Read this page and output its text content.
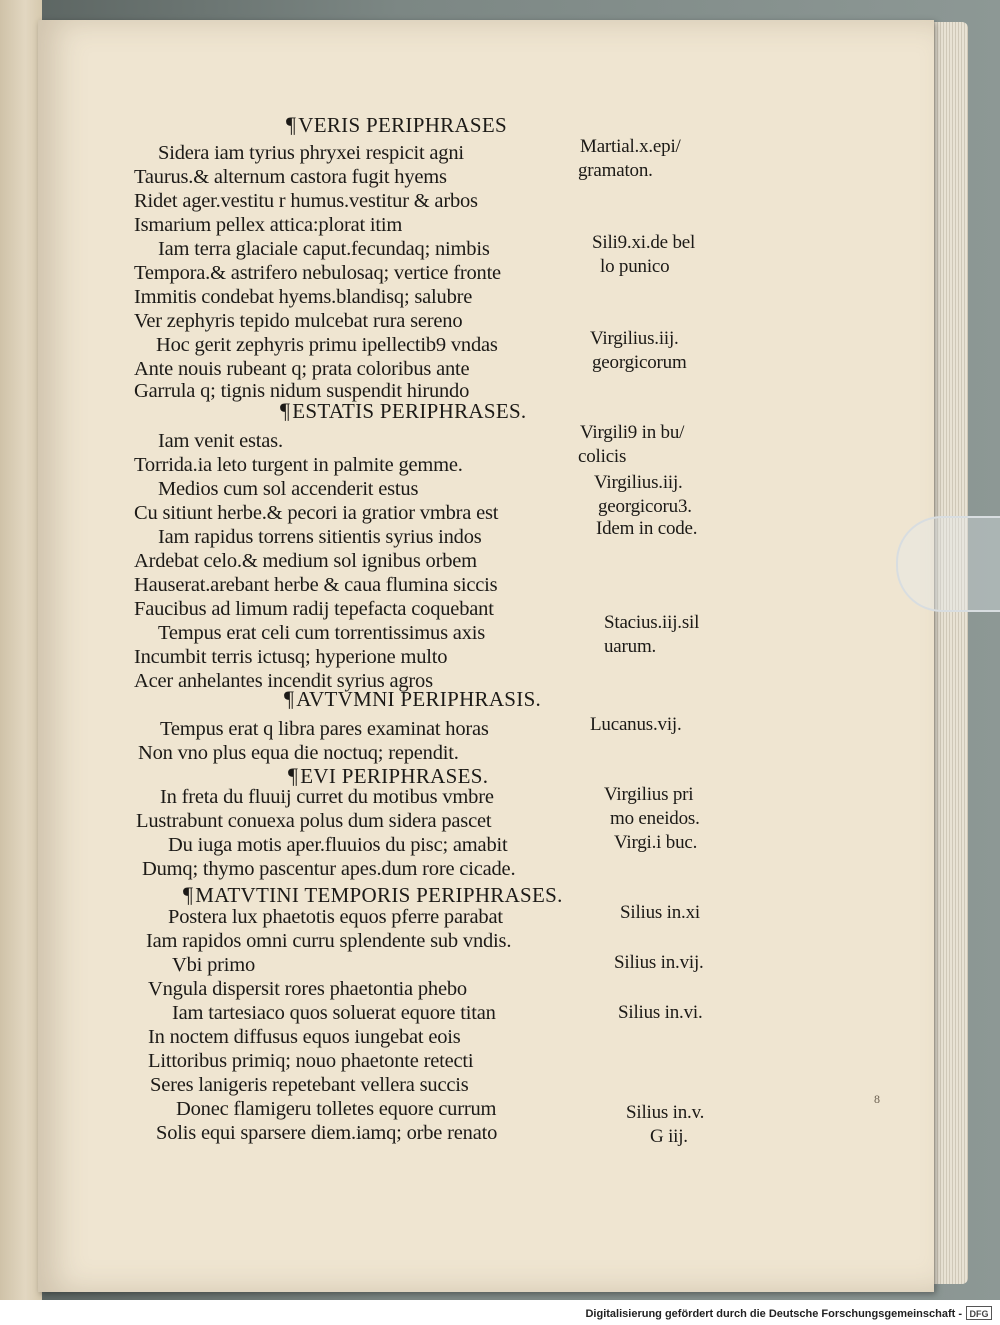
¶VERIS PERIPHRASES
¶ESTATIS PERIPHRASES.
¶AVTVMNI PERIPHRASIS.
¶EVI PERIPHRASES.
¶MATVTINI TEMPORIS PERIPHRASES.
Sidera iam tyrius phryxei respicit agni
Taurus.& alternum castora fugit hyems
Ridet ager.vestitu r humus.vestitur & arbos
Ismarium pellex attica:plorat itim
Iam terra glaciale caput.fecundaq; nimbis
Tempora.& astrifero nebulosaq; vertice fronte
Immitis condebat hyems.blandisq; salubre
Ver zephyris tepido mulcebat rura sereno
Hoc gerit zephyris primu ipellectib9 vndas
Ante nouis rubeant q; prata coloribus ante
Garrula q; tignis nidum suspendit hirundo
Iam venit estas.
Torrida.ia leto turgent in palmite gemme.
Medios cum sol accenderit estus
Cu sitiunt herbe.& pecori ia gratior vmbra est
Iam rapidus torrens sitientis syrius indos
Ardebat celo.& medium sol ignibus orbem
Hauserat.arebant herbe & caua flumina siccis
Faucibus ad limum radij tepefacta coquebant
Tempus erat celi cum torrentissimus axis
Incumbit terris ictusq; hyperione multo
Acer anhelantes incendit syrius agros
Tempus erat q libra pares examinat horas
Non vno plus equa die noctuq; rependit.
In freta du fluuij curret du motibus vmbre
Lustrabunt conuexa polus dum sidera pascet
Du iuga motis aper.fluuios du pisc; amabit
Dumq; thymo pascentur apes.dum rore cicade.
Postera lux phaetotis equos pferre parabat
Iam rapidos omni curru splendente sub vndis.
Vbi primo
Vngula dispersit rores phaetontia phebo
Iam tartesiaco quos soluerat equore titan
In noctem diffusus equos iungebat eois
Littoribus primiq; nouo phaetonte retecti
Seres lanigeris repetebant vellera succis
Donec flamigeru tolletes equore currum
Solis equi sparsere diem.iamq; orbe renato
Martial.x.epi/
gramaton.
Sili9.xi.de bel
lo punico
Virgilius.iij.
georgicorum
Virgili9 in bu/
colicis
Virgilius.iij.
georgicoru3.
Idem in code.
Stacius.iij.sil
uarum.
Lucanus.vij.
Virgilius pri
mo eneidos.
Virgi.i buc.
Silius in.xi
Silius in.vij.
Silius in.vi.
Silius in.v.
G iij.
8
Digitalisierung gefördert durch die Deutsche Forschungsgemeinschaft - DFG
